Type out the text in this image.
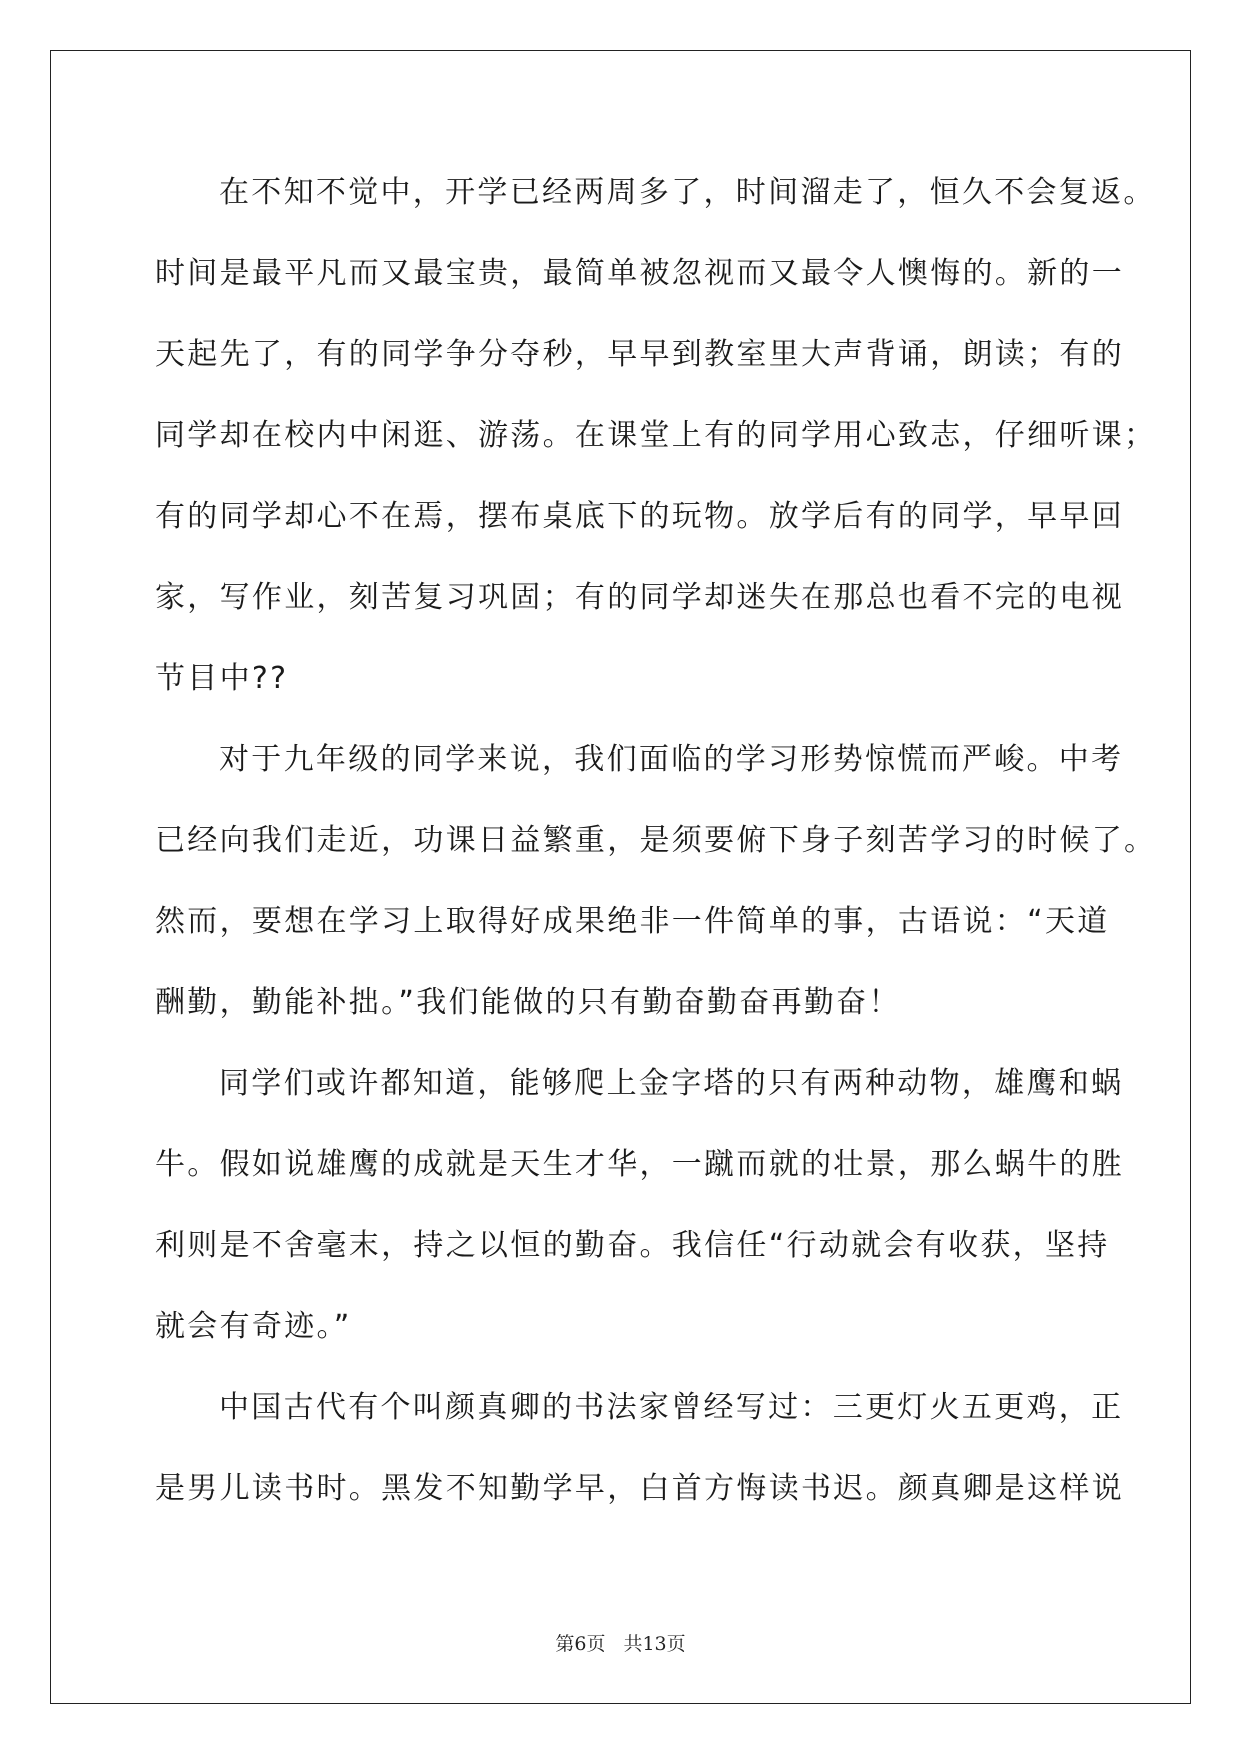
在不知不觉中，开学已经两周多了，时间溜走了，恒久不会复返。
时间是最平凡而又最宝贵，最简单被忽视而又最令人懊悔的。新的一
天起先了，有的同学争分夺秒，早早到教室里大声背诵，朗读；有的
同学却在校内中闲逛、游荡。在课堂上有的同学用心致志，仔细听课；
有的同学却心不在焉，摆布桌底下的玩物。放学后有的同学，早早回
家，写作业，刻苦复习巩固；有的同学却迷失在那总也看不完的电视
节目中??
对于九年级的同学来说，我们面临的学习形势惊慌而严峻。中考
已经向我们走近，功课日益繁重，是须要俯下身子刻苦学习的时候了。
然而，要想在学习上取得好成果绝非一件简单的事，古语说：“天道
酬勤，勤能补拙。”我们能做的只有勤奋勤奋再勤奋！
同学们或许都知道，能够爬上金字塔的只有两种动物，雄鹰和蜗
牛。假如说雄鹰的成就是天生才华，一蹴而就的壮景，那么蜗牛的胜
利则是不舍毫末，持之以恒的勤奋。我信任“行动就会有收获，坚持
就会有奇迹。”
中国古代有个叫颜真卿的书法家曾经写过：三更灯火五更鸡，正
是男儿读书时。黑发不知勤学早，白首方悔读书迟。颜真卿是这样说
第6页 共13页
